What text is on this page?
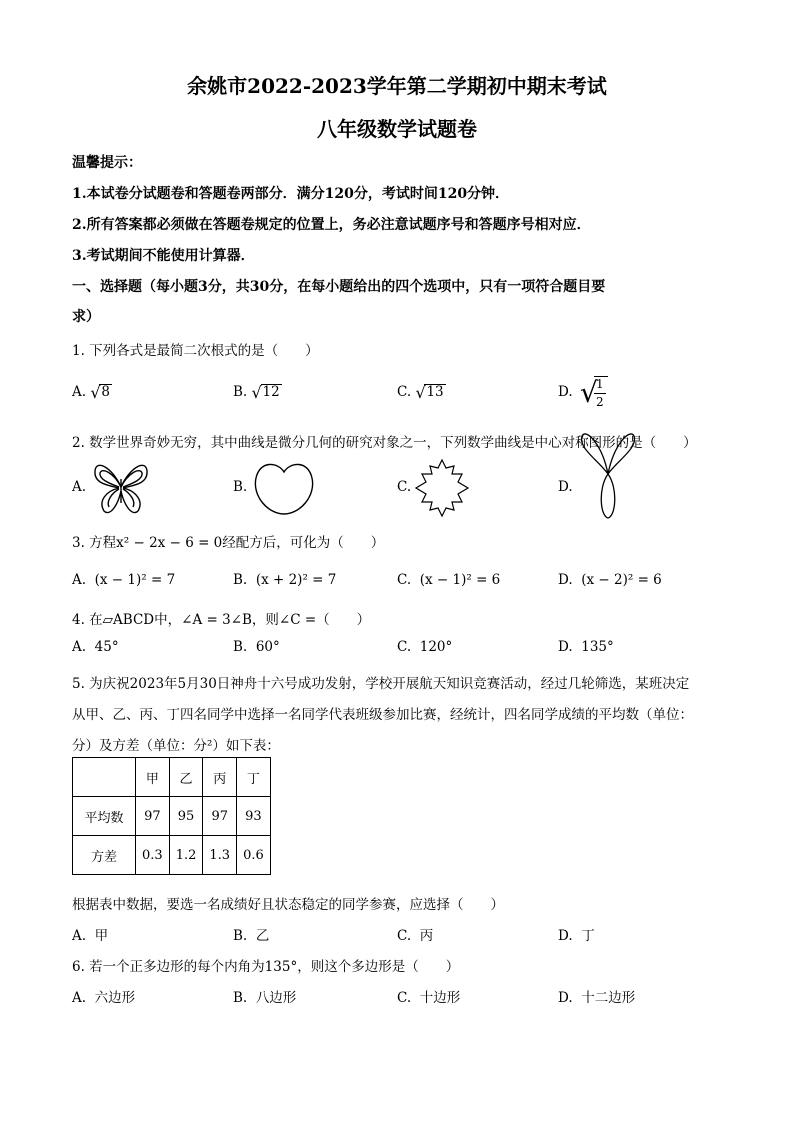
余姚市2022-2023学年第二学期初中期末考试
八年级数学试题卷
温馨提示：
1.本试卷分试题卷和答题卷两部分．满分120分，考试时间120分钟．
2.所有答案都必须做在答题卷规定的位置上，务必注意试题序号和答题序号相对应．
3.考试期间不能使用计算器．
一、选择题（每小题3分，共30分，在每小题给出的四个选项中，只有一项符合题目要
求）
1. 下列各式是最简二次根式的是（　　）
A. √ 8	B. √ 12	C. √ 13	D. √
1
2
2. 数学世界奇妙无穷，其中曲线是微分几何的研究对象之一，下列数学曲线是中心对称图形的是（　　）
A.	B.	C.	D.
3. 方程x² − 2x − 6 = 0经配方后，可化为（　　）
A. (x − 1)² = 7	B. (x + 2)² = 7	C. (x − 1)² = 6	D. (x − 2)² = 6
4. 在▱ABCD中，∠A = 3∠B，则∠C =（　　）
A. 45°	B. 60°	C. 120°	D. 135°
5. 为庆祝2023年5月30日神舟十六号成功发射，学校开展航天知识竞赛活动，经过几轮筛选，某班决定
从甲、乙、丙、丁四名同学中选择一名同学代表班级参加比赛，经统计，四名同学成绩的平均数（单位：
分）及方差（单位：分²）如下表：
	甲	乙	丙	丁
平均数	97	95	97	93
方差	0.3	1.2	1.3	0.6
根据表中数据，要选一名成绩好且状态稳定的同学参赛，应选择（　　）
A. 甲	B. 乙	C. 丙	D. 丁
6. 若一个正多边形的每个内角为135°，则这个多边形是（　　）
A. 六边形	B. 八边形	C. 十边形	D. 十二边形
